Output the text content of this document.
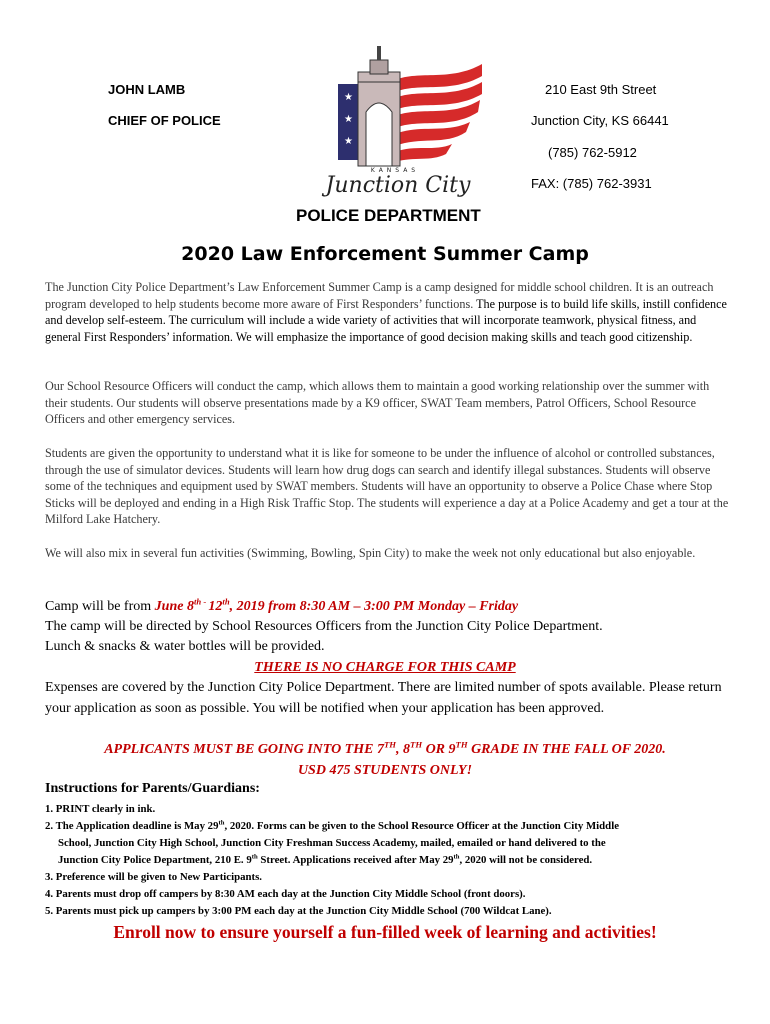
JOHN LAMB
CHIEF OF POLICE
210 East 9th Street
Junction City, KS 66441
(785) 762-5912
FAX: (785) 762-3931
★
★
★
KANSAS
Junction City
POLICE DEPARTMENT
2020 Law Enforcement Summer Camp
The Junction City Police Department’s Law Enforcement Summer Camp is a camp designed for middle school children. It is an outreach program developed to help students become more aware of First Responders’ functions. The purpose is to build life skills, instill confidence and develop self-esteem. The curriculum will include a wide variety of activities that will incorporate teamwork, physical fitness, and general First Responders’ information. We will emphasize the importance of good decision making skills and teach good citizenship.
Our School Resource Officers will conduct the camp, which allows them to maintain a good working relationship over the summer with their students. Our students will observe presentations made by a K9 officer, SWAT Team members, Patrol Officers, School Resource Officers and other emergency services.
Students are given the opportunity to understand what it is like for someone to be under the influence of alcohol or controlled substances, through the use of simulator devices. Students will learn how drug dogs can search and identify illegal substances. Students will observe some of the techniques and equipment used by SWAT members. Students will have an opportunity to observe a Police Chase where Stop Sticks will be deployed and ending in a High Risk Traffic Stop. The students will experience a day at a Police Academy and get a tour at the Milford Lake Hatchery.
We will also mix in several fun activities (Swimming, Bowling, Spin City) to make the week not only educational but also enjoyable.
Camp will be from June $8^{th -}$ 12th, 2019 from 8:30 AM – 3:00 PM Monday – Friday
The camp will be directed by School Resources Officers from the Junction City Police Department.
Lunch & snacks & water bottles will be provided.
THERE IS NO CHARGE FOR THIS CAMP
Expenses are covered by the Junction City Police Department. There are limited number of spots available. Please return your application as soon as possible. You will be notified when your application has been approved.
APPLICANTS MUST BE GOING INTO THE 7TH, 8TH OR 9TH GRADE IN THE FALL OF 2020.
USD 475 STUDENTS ONLY!
Instructions for Parents/Guardians:
1. PRINT clearly in ink.
2. The Application deadline is May 29th, 2020. Forms can be given to the School Resource Officer at the Junction City Middle
School, Junction City High School, Junction City Freshman Success Academy, mailed, emailed or hand delivered to the
Junction City Police Department, 210 E. 9th Street. Applications received after May 29th, 2020 will not be considered.
3. Preference will be given to New Participants.
4. Parents must drop off campers by 8:30 AM each day at the Junction City Middle School (front doors).
5. Parents must pick up campers by 3:00 PM each day at the Junction City Middle School (700 Wildcat Lane).
Enroll now to ensure yourself a fun-filled week of learning and activities!
